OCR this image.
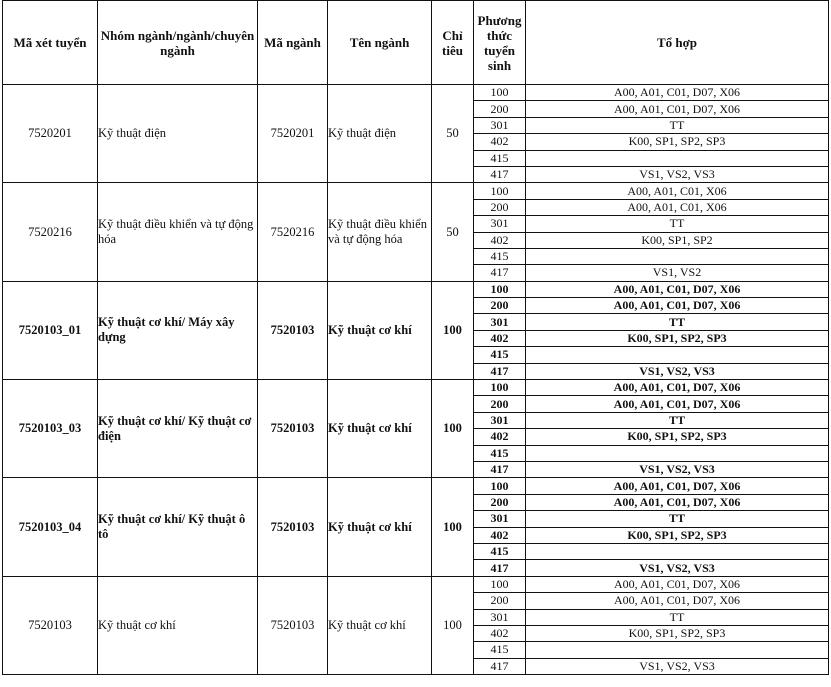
Mã xét tuyển	Nhóm ngành/ngành/chuyên ngành	Mã ngành	Tên ngành	Chỉ tiêu	Phương thức tuyển sinh	Tổ hợp
7520201	Kỹ thuật điện	7520201	Kỹ thuật điện	50	100	A00, A01, C01, D07, X06
					200	A00, A01, C01, D07, X06
					301	TT
					402	K00, SP1, SP2, SP3
					415	
					417	VS1, VS2, VS3
7520216	Kỹ thuật điều khiển và tự động hóa	7520216	Kỹ thuật điều khiển và tự động hóa	50	100	A00, A01, C01, X06
					200	A00, A01, C01, X06
					301	TT
					402	K00, SP1, SP2
					415	
					417	VS1, VS2
7520103_01	Kỹ thuật cơ khí/ Máy xây dựng	7520103	Kỹ thuật cơ khí	100	100	A00, A01, C01, D07, X06
					200	A00, A01, C01, D07, X06
					301	TT
					402	K00, SP1, SP2, SP3
					415	
					417	VS1, VS2, VS3
7520103_03	Kỹ thuật cơ khí/ Kỹ thuật cơ điện	7520103	Kỹ thuật cơ khí	100	100	A00, A01, C01, D07, X06
					200	A00, A01, C01, D07, X06
					301	TT
					402	K00, SP1, SP2, SP3
					415	
					417	VS1, VS2, VS3
7520103_04	Kỹ thuật cơ khí/ Kỹ thuật ô tô	7520103	Kỹ thuật cơ khí	100	100	A00, A01, C01, D07, X06
					200	A00, A01, C01, D07, X06
					301	TT
					402	K00, SP1, SP2, SP3
					415	
					417	VS1, VS2, VS3
7520103	Kỹ thuật cơ khí	7520103	Kỹ thuật cơ khí	100	100	A00, A01, C01, D07, X06
					200	A00, A01, C01, D07, X06
					301	TT
					402	K00, SP1, SP2, SP3
					415	
					417	VS1, VS2, VS3
